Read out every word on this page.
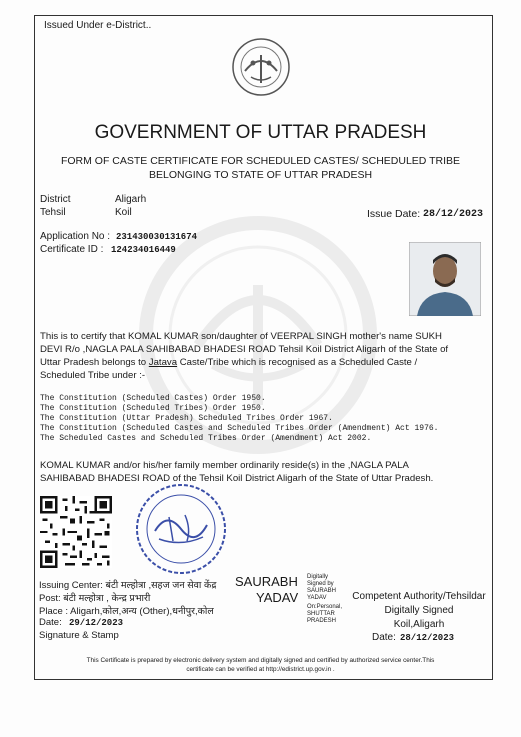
Issued Under e-District..
GOVERNMENT OF UTTAR PRADESH
FORM OF CASTE CERTIFICATE FOR SCHEDULED CASTES/ SCHEDULED TRIBE
BELONGING TO STATE OF UTTAR PRADESH
District	Aligarh
Tehsil	Koil	Issue Date: 28/12/2023
Application No : 231430030131674
Certificate ID : 124234016449
This is to certify that KOMAL KUMAR son/daughter of VEERPAL SINGH mother's name SUKH
DEVI R/o ,NAGLA PALA SAHIBABAD BHADESI ROAD Tehsil Koil District Aligarh of the State of
Uttar Pradesh belongs to Jatava Caste/Tribe which is recognised as a Scheduled Caste /
Scheduled Tribe under :-
The Constitution (Scheduled Castes) Order 1950.
The Constitution (Scheduled Tribes) Order 1950.
The Constitution (Uttar Pradesh) Scheduled Tribes Order 1967.
The Constitution (Scheduled Castes and Scheduled Tribes Order (Amendment) Act 1976.
The Scheduled Castes and Scheduled Tribes Order (Amendment) Act 2002.
KOMAL KUMAR and/or his/her family member ordinarily reside(s) in the ,NAGLA PALA
SAHIBABAD BHADESI ROAD of the Tehsil Koil District Aligarh of the State of Uttar Pradesh.
Issuing Center: बंटी मल्होत्रा ,सहज जन सेवा केंद्र
Post: बंटी मल्होत्रा , केन्द्र प्रभारी
Place : Aligarh,कोल,अन्य (Other),धनीपुर,कोल
Date: 29/12/2023
Signature & Stamp
SAURABH
YADAV
Digitally
Signed by
SAURABH
YADAV
On:Personal,
SHUTTAR
PRADESH
Competent Authority/Tehsildar
Digitally Signed
Koil,Aligarh
Date: 28/12/2023
This Certificate is prepared by electronic delivery system and digitally signed and certified by authorized service center.This
certificate can be verified at http://edistrict.up.gov.in .
